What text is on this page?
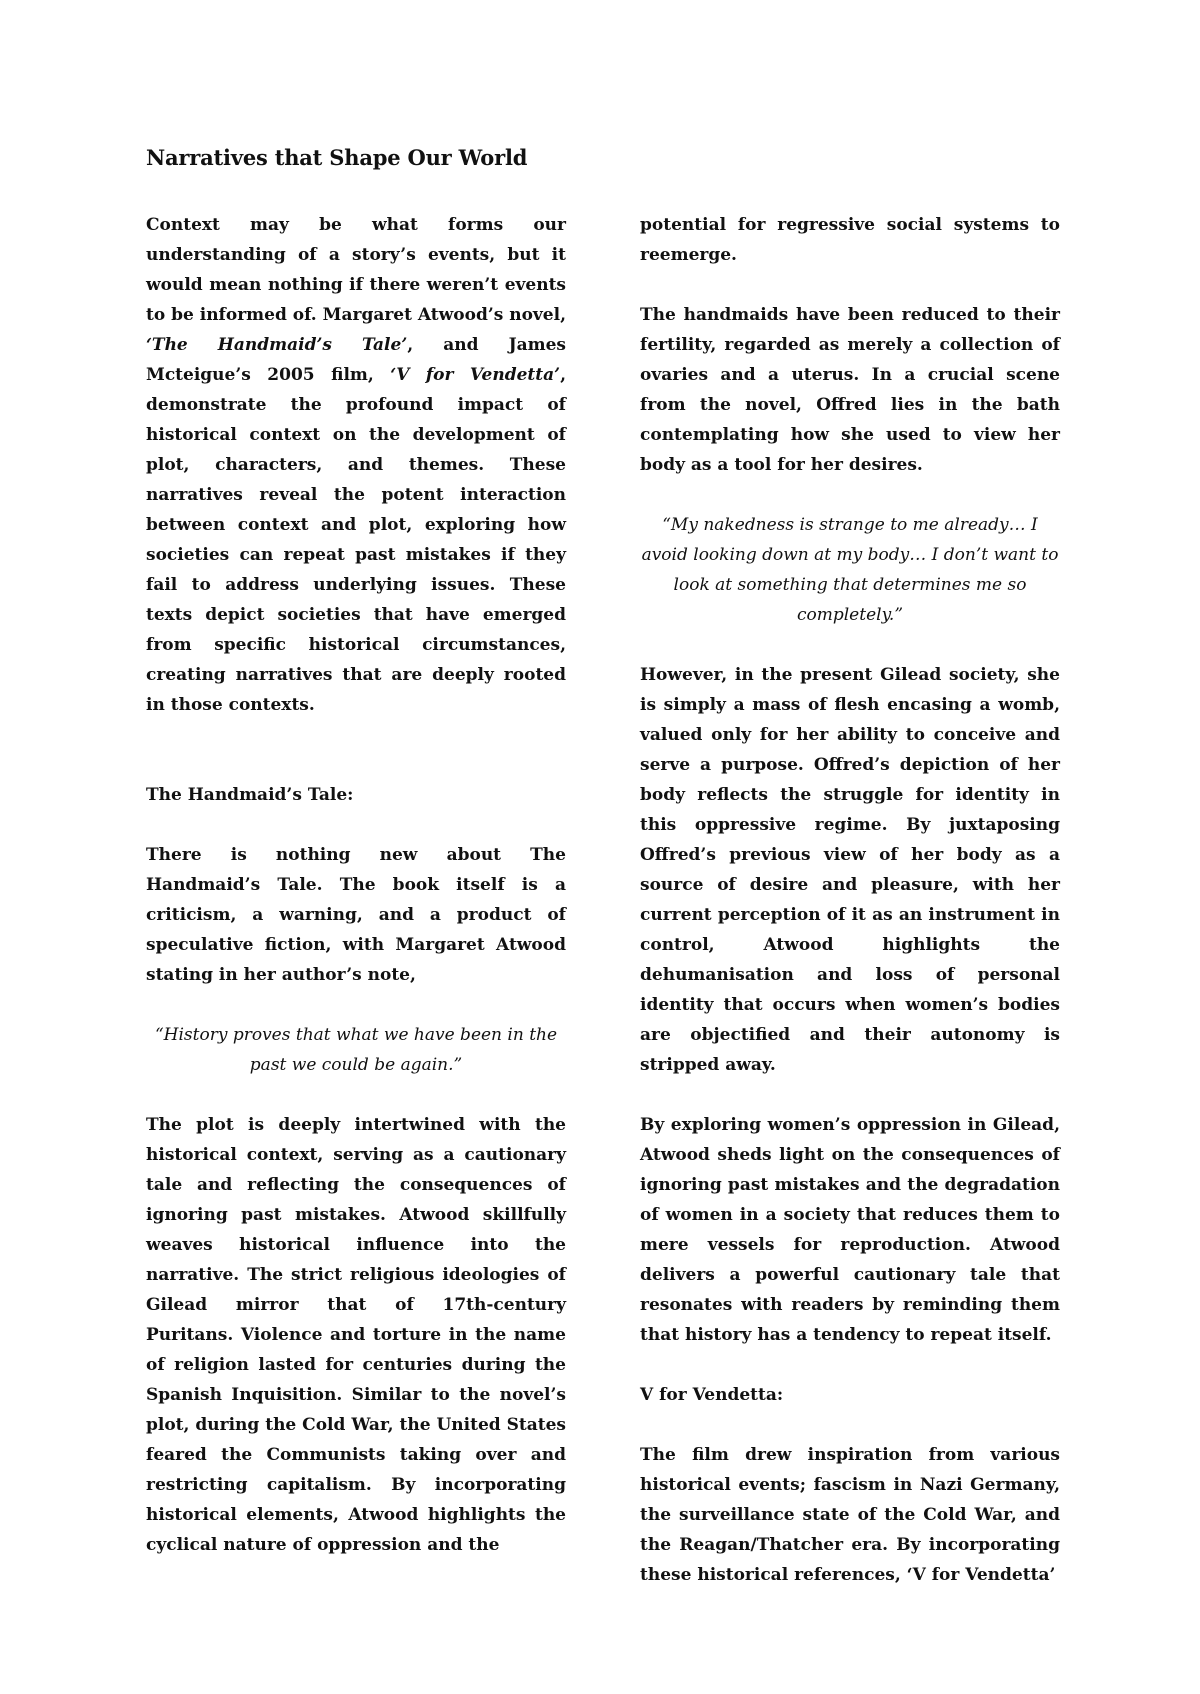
Narratives that Shape Our World

Context may be what forms our understanding of a story’s events, but it would mean nothing if there weren’t events to be informed of. Margaret Atwood’s novel, ‘The Handmaid’s Tale’, and James Mcteigue’s 2005 film, ‘V for Vendetta’, demonstrate the profound impact of historical context on the development of plot, characters, and themes. These narratives reveal the potent interaction between context and plot, exploring how societies can repeat past mistakes if they fail to address underlying issues. These texts depict societies that have emerged from specific historical circumstances, creating narratives that are deeply rooted in those contexts.

The Handmaid’s Tale:

There is nothing new about The Handmaid’s Tale. The book itself is a criticism, a warning, and a product of speculative fiction, with Margaret Atwood stating in her author’s note,

“History proves that what we have been in the past we could be again.”

The plot is deeply intertwined with the historical context, serving as a cautionary tale and reflecting the consequences of ignoring past mistakes. Atwood skillfully weaves historical influence into the narrative. The strict religious ideologies of Gilead mirror that of 17th-century Puritans. Violence and torture in the name of religion lasted for centuries during the Spanish Inquisition. Similar to the novel’s plot, during the Cold War, the United States feared the Communists taking over and restricting capitalism. By incorporating historical elements, Atwood highlights the cyclical nature of oppression and the

potential for regressive social systems to reemerge.

The handmaids have been reduced to their fertility, regarded as merely a collection of ovaries and a uterus. In a crucial scene from the novel, Offred lies in the bath contemplating how she used to view her body as a tool for her desires.

“My nakedness is strange to me already… I avoid looking down at my body… I don’t want to look at something that determines me so completely.”

However, in the present Gilead society, she is simply a mass of flesh encasing a womb, valued only for her ability to conceive and serve a purpose. Offred’s depiction of her body reflects the struggle for identity in this oppressive regime. By juxtaposing Offred’s previous view of her body as a source of desire and pleasure, with her current perception of it as an instrument in control, Atwood highlights the dehumanisation and loss of personal identity that occurs when women’s bodies are objectified and their autonomy is stripped away.

By exploring women’s oppression in Gilead, Atwood sheds light on the consequences of ignoring past mistakes and the degradation of women in a society that reduces them to mere vessels for reproduction. Atwood delivers a powerful cautionary tale that resonates with readers by reminding them that history has a tendency to repeat itself.

V for Vendetta:

The film drew inspiration from various historical events; fascism in Nazi Germany, the surveillance state of the Cold War, and the Reagan/Thatcher era. By incorporating these historical references, ‘V for Vendetta’
